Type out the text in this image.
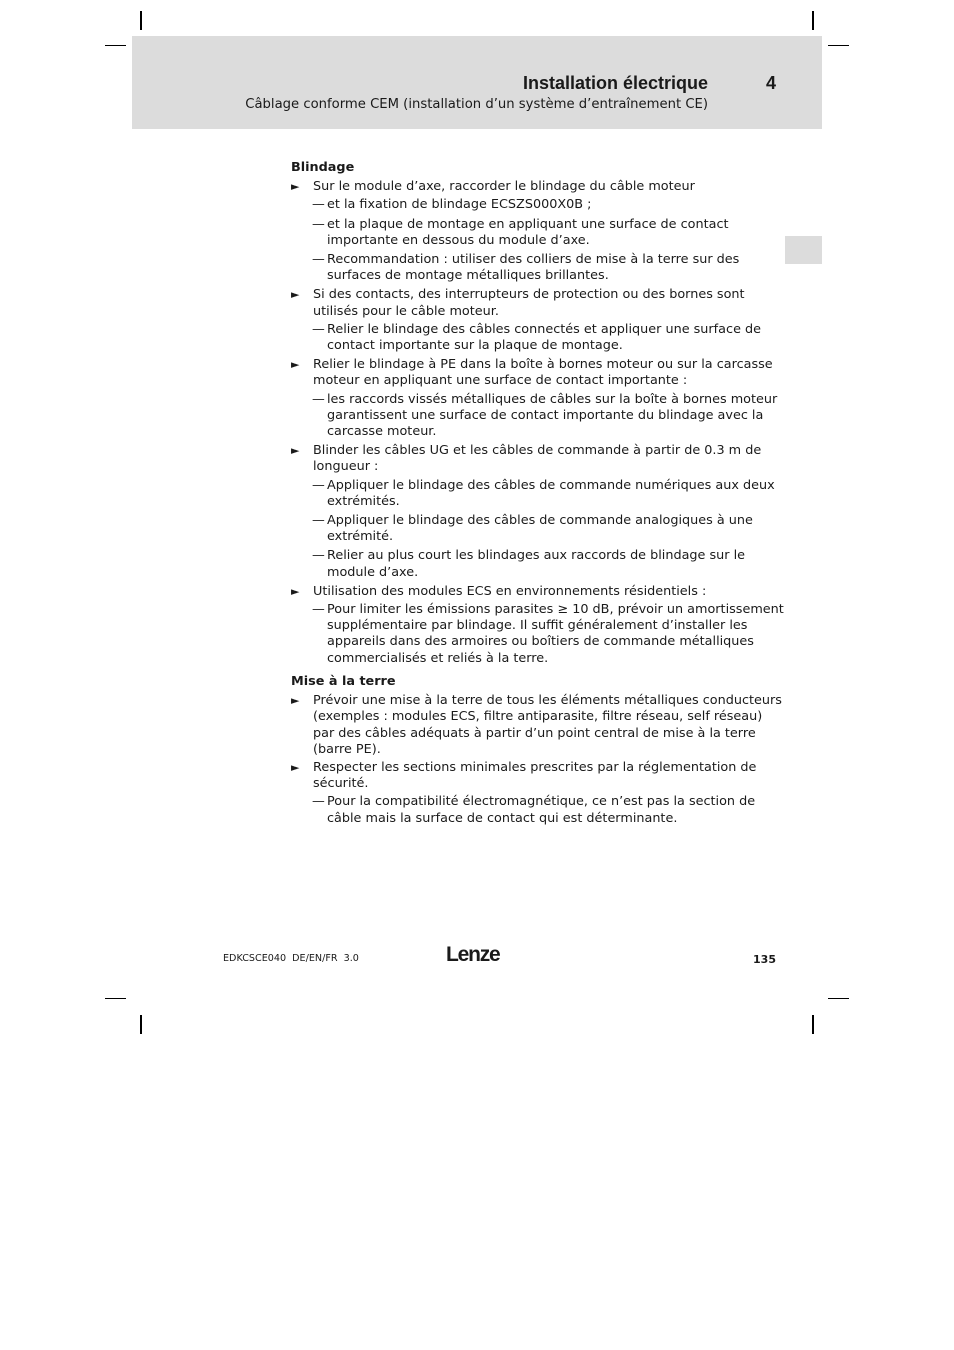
Installation électrique	4
Câblage conforme CEM (installation d’un système d’entraînement CE)
Blindage
► Sur le module d’axe, raccorder le blindage du câble moteur
— et la fixation de blindage ECSZS000X0B ;
— et la plaque de montage en appliquant une surface de contact importante en dessous du module d’axe.
— Recommandation : utiliser des colliers de mise à la terre sur des surfaces de montage métalliques brillantes.
► Si des contacts, des interrupteurs de protection ou des bornes sont utilisés pour le câble moteur.
— Relier le blindage des câbles connectés et appliquer une surface de contact importante sur la plaque de montage.
► Relier le blindage à PE dans la boîte à bornes moteur ou sur la carcasse moteur en appliquant une surface de contact importante :
— les raccords vissés métalliques de câbles sur la boîte à bornes moteur garantissent une surface de contact importante du blindage avec la carcasse moteur.
► Blinder les câbles UG et les câbles de commande à partir de 0.3 m de longueur :
— Appliquer le blindage des câbles de commande numériques aux deux extrémités.
— Appliquer le blindage des câbles de commande analogiques à une extrémité.
— Relier au plus court les blindages aux raccords de blindage sur le module d’axe.
► Utilisation des modules ECS en environnements résidentiels :
— Pour limiter les émissions parasites ≥ 10 dB, prévoir un amortissement supplémentaire par blindage. Il suffit généralement d’installer les appareils dans des armoires ou boîtiers de commande métalliques commercialisés et reliés à la terre.
Mise à la terre
► Prévoir une mise à la terre de tous les éléments métalliques conducteurs (exemples : modules ECS, filtre antiparasite, filtre réseau, self réseau) par des câbles adéquats à partir d’un point central de mise à la terre (barre PE).
► Respecter les sections minimales prescrites par la réglementation de sécurité.
— Pour la compatibilité électromagnétique, ce n’est pas la section de câble mais la surface de contact qui est déterminante.
EDKCSCE040  DE/EN/FR  3.0	Lenze	135
